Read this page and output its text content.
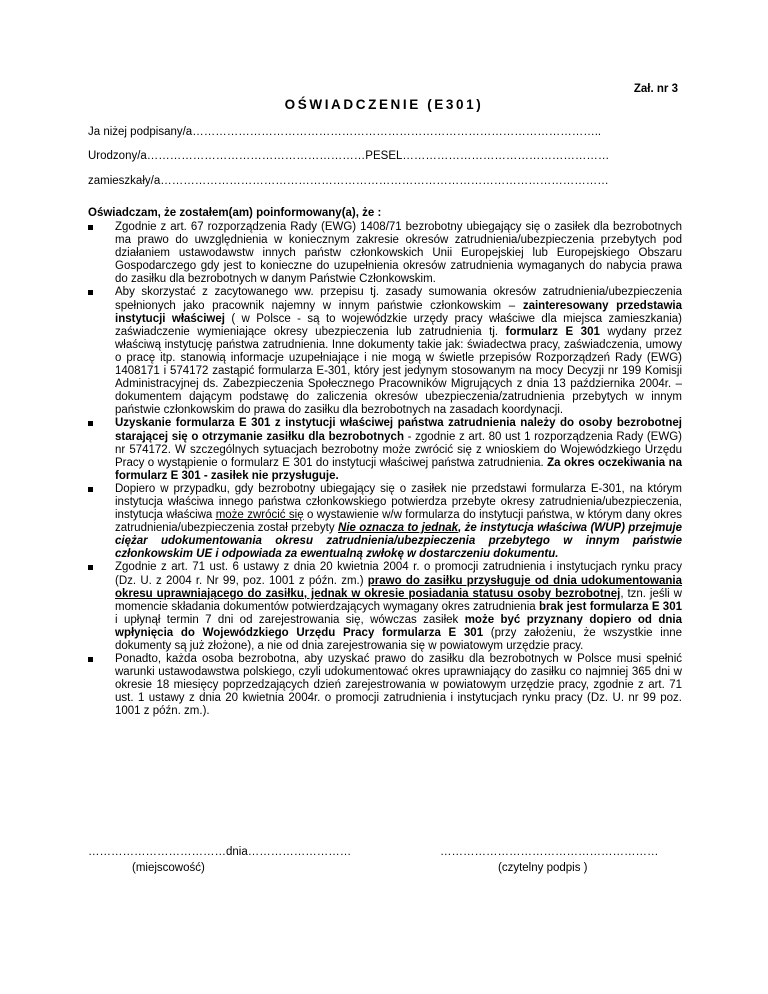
Zał. nr 3
OŚWIADCZENIE (E301)
Ja niżej podpisany/a……………………………………………………………………………………………..
Urodzony/a…………………………………………………PESEL………………………………………………
zamieszkały/a………………………………………………………………………………………………………
Oświadczam, że zostałem(am) poinformowany(a), że :
Zgodnie z art. 67 rozporządzenia Rady (EWG) 1408/71 bezrobotny ubiegający się o zasiłek dla bezrobotnych ma prawo do uwzględnienia w koniecznym zakresie okresów zatrudnienia/ubezpieczenia przebytych pod działaniem ustawodawstw innych państw członkowskich Unii Europejskiej lub Europejskiego Obszaru Gospodarczego gdy jest to konieczne do uzupełnienia okresów zatrudnienia wymaganych do nabycia prawa do zasiłku dla bezrobotnych w danym Państwie Członkowskim.
Aby skorzystać z zacytowanego ww. przepisu tj. zasady sumowania okresów zatrudnienia/ubezpieczenia spełnionych jako pracownik najemny w innym państwie członkowskim – zainteresowany przedstawia instytucji właściwej ( w Polsce - są to wojewódzkie urzędy pracy właściwe dla miejsca zamieszkania) zaświadczenie wymieniające okresy ubezpieczenia lub zatrudnienia tj. formularz E 301 wydany przez właściwą instytucję państwa zatrudnienia. Inne dokumenty takie jak: świadectwa pracy, zaświadczenia, umowy o pracę itp. stanowią informacje uzupełniające i nie mogą w świetle przepisów Rozporządzeń Rady (EWG) 1408171 i 574172 zastąpić formularza E-301, który jest jedynym stosowanym na mocy Decyzji nr 199 Komisji Administracyjnej ds. Zabezpieczenia Społecznego Pracowników Migrujących z dnia 13 października 2004r. – dokumentem dającym podstawę do zaliczenia okresów ubezpieczenia/zatrudnienia przebytych w innym państwie członkowskim do prawa do zasiłku dla bezrobotnych na zasadach koordynacji.
Uzyskanie formularza E 301 z instytucji właściwej państwa zatrudnienia należy do osoby bezrobotnej starającej się o otrzymanie zasiłku dla bezrobotnych - zgodnie z art. 80 ust 1 rozporządzenia Rady (EWG) nr 574172. W szczególnych sytuacjach bezrobotny może zwrócić się z wnioskiem do Wojewódzkiego Urzędu Pracy o wystąpienie o formularz E 301 do instytucji właściwej państwa zatrudnienia. Za okres oczekiwania na formularz E 301 - zasiłek nie przysługuje.
Dopiero w przypadku, gdy bezrobotny ubiegający się o zasiłek nie przedstawi formularza E-301, na którym instytucja właściwa innego państwa członkowskiego potwierdza przebyte okresy zatrudnienia/ubezpieczenia, instytucja właściwa może zwrócić się o wystawienie w/w formularza do instytucji państwa, w którym dany okres zatrudnienia/ubezpieczenia został przebyty Nie oznacza to jednak, że instytucja właściwa (WUP) przejmuje ciężar udokumentowania okresu zatrudnienia/ubezpieczenia przebytego w innym państwie członkowskim UE i odpowiada za ewentualną zwłokę w dostarczeniu dokumentu.
Zgodnie z art. 71 ust. 6 ustawy z dnia 20 kwietnia 2004 r. o promocji zatrudnienia i instytucjach rynku pracy (Dz. U. z 2004 r. Nr 99, poz. 1001 z późn. zm.) prawo do zasiłku przysługuje od dnia udokumentowania okresu uprawniającego do zasiłku, jednak w okresie posiadania statusu osoby bezrobotnej, tzn. jeśli w momencie składania dokumentów potwierdzających wymagany okres zatrudnienia brak jest formularza E 301 i upłynął termin 7 dni od zarejestrowania się, wówczas zasiłek może być przyznany dopiero od dnia wpłynięcia do Wojewódzkiego Urzędu Pracy formularza E 301 (przy założeniu, że wszystkie inne dokumenty są już złożone), a nie od dnia zarejestrowania się w powiatowym urzędzie pracy.
Ponadto, każda osoba bezrobotna, aby uzyskać prawo do zasiłku dla bezrobotnych w Polsce musi spełnić warunki ustawodawstwa polskiego, czyli udokumentować okres uprawniający do zasiłku co najmniej 365 dni w okresie 18 miesięcy poprzedzających dzień zarejestrowania w powiatowym urzędzie pracy, zgodnie z art. 71 ust. 1 ustawy z dnia 20 kwietnia 2004r. o promocji zatrudnienia i instytucjach rynku pracy (Dz. U. nr 99 poz. 1001 z późn. zm.).
………………………………dnia………………………	…………………………………………………
(miejscowość)	(czytelny podpis )
